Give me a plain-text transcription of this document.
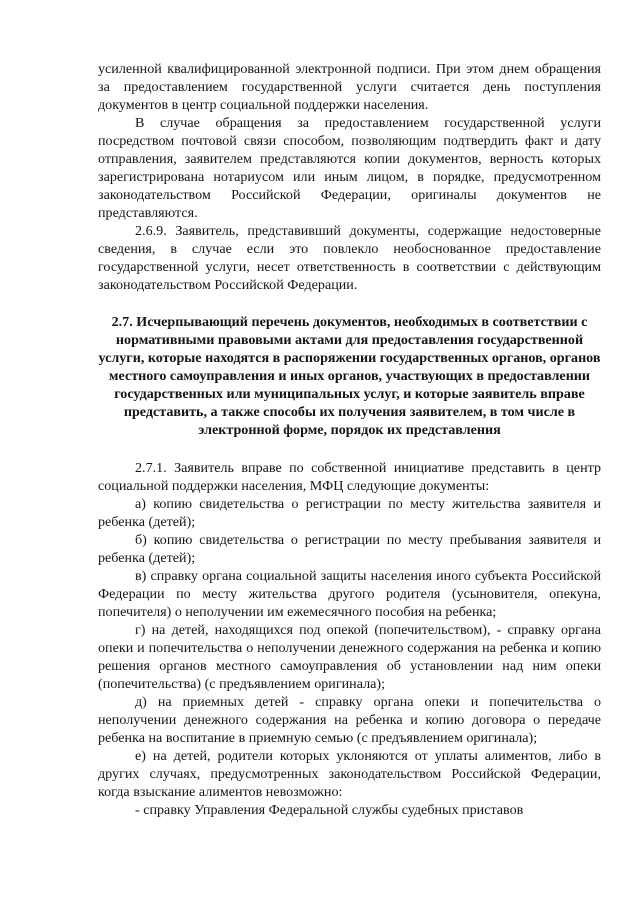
усиленной квалифицированной электронной подписи. При этом днем обращения за предоставлением государственной услуги считается день поступления документов в центр социальной поддержки населения.

В случае обращения за предоставлением государственной услуги посредством почтовой связи способом, позволяющим подтвердить факт и дату отправления, заявителем представляются копии документов, верность которых зарегистрирована нотариусом или иным лицом, в порядке, предусмотренном законодательством Российской Федерации, оригиналы документов не представляются.

2.6.9. Заявитель, представивший документы, содержащие недостоверные сведения, в случае если это повлекло необоснованное предоставление государственной услуги, несет ответственность в соответствии с действующим законодательством Российской Федерации.

2.7. Исчерпывающий перечень документов, необходимых в соответствии с нормативными правовыми актами для предоставления государственной услуги, которые находятся в распоряжении государственных органов, органов местного самоуправления и иных органов, участвующих в предоставлении государственных или муниципальных услуг, и которые заявитель вправе представить, а также способы их получения заявителем, в том числе в электронной форме, порядок их представления

2.7.1. Заявитель вправе по собственной инициативе представить в центр социальной поддержки населения, МФЦ следующие документы:

а) копию свидетельства о регистрации по месту жительства заявителя и ребенка (детей);

б) копию свидетельства о регистрации по месту пребывания заявителя и ребенка (детей);

в) справку органа социальной защиты населения иного субъекта Российской Федерации по месту жительства другого родителя (усыновителя, опекуна, попечителя) о неполучении им ежемесячного пособия на ребенка;

г) на детей, находящихся под опекой (попечительством), - справку органа опеки и попечительства о неполучении денежного содержания на ребенка и копию решения органов местного самоуправления об установлении над ним опеки (попечительства) (с предъявлением оригинала);

д) на приемных детей - справку органа опеки и попечительства о неполучении денежного содержания на ребенка и копию договора о передаче ребенка на воспитание в приемную семью (с предъявлением оригинала);

е) на детей, родители которых уклоняются от уплаты алиментов, либо в других случаях, предусмотренных законодательством Российской Федерации, когда взыскание алиментов невозможно:

- справку Управления Федеральной службы судебных приставов
